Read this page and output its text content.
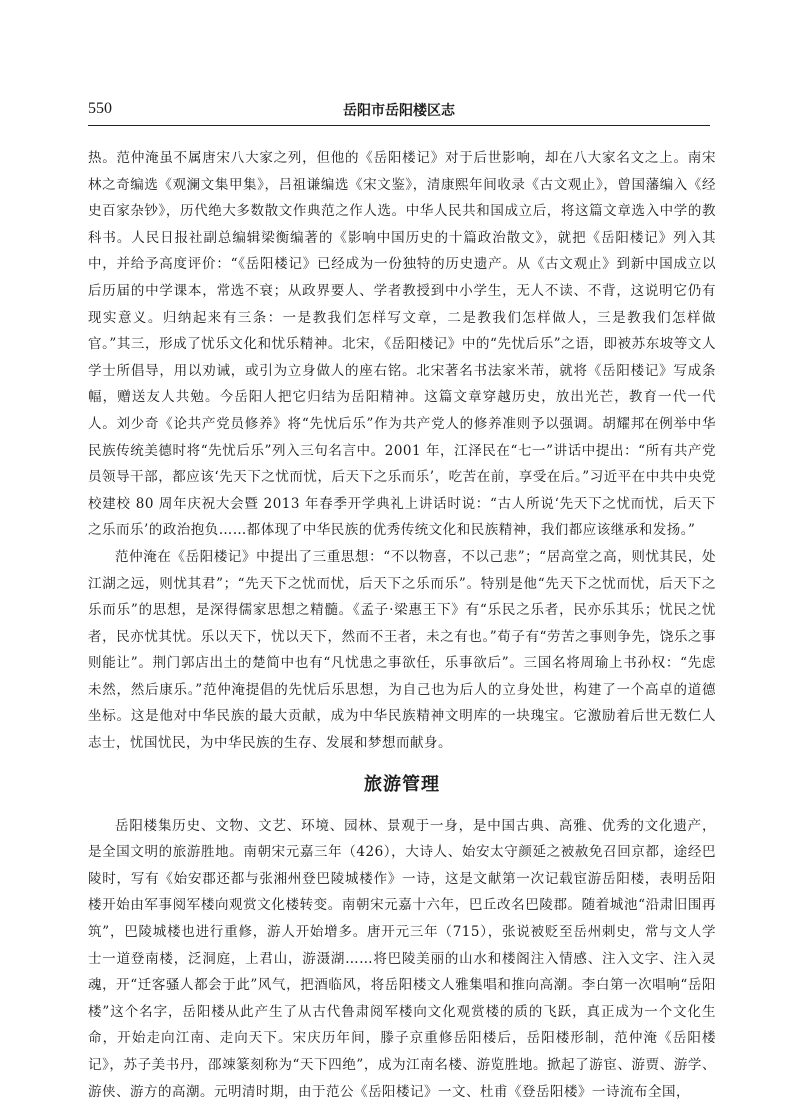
550	岳阳市岳阳楼区志

热。范仲淹虽不属唐宋八大家之列，但他的《岳阳楼记》对于后世影响，却在八大家名文之上。南宋林之奇编选《观澜文集甲集》，吕祖谦编选《宋文鉴》，清康熙年间收录《古文观止》，曾国藩编入《经史百家杂钞》，历代绝大多数散文作典范之作人选。中华人民共和国成立后，将这篇文章选入中学的教科书。人民日报社副总编辑梁衡编著的《影响中国历史的十篇政治散文》，就把《岳阳楼记》列入其中，并给予高度评价：“《岳阳楼记》已经成为一份独特的历史遗产。从《古文观止》到新中国成立以后历届的中学课本，常选不衰；从政界要人、学者教授到中小学生，无人不读、不背，这说明它仍有现实意义。归纳起来有三条：一是教我们怎样写文章，二是教我们怎样做人，三是教我们怎样做官。”其三，形成了忧乐文化和忧乐精神。北宋，《岳阳楼记》中的“先忧后乐”之语，即被苏东坡等文人学士所倡导，用以劝诫，或引为立身做人的座右铭。北宋著名书法家米芾，就将《岳阳楼记》写成条幅，赠送友人共勉。今岳阳人把它归结为岳阳精神。这篇文章穿越历史，放出光芒，教育一代一代人。刘少奇《论共产党员修养》将“先忧后乐”作为共产党人的修养准则予以强调。胡耀邦在例举中华民族传统美德时将“先忧后乐”列入三句名言中。2001 年，江泽民在“七一”讲话中提出：“所有共产党员领导干部，都应该‘先天下之忧而忧，后天下之乐而乐’，吃苦在前，享受在后。”习近平在中共中央党校建校 80 周年庆祝大会暨 2013 年春季开学典礼上讲话时说：“古人所说‘先天下之忧而忧，后天下之乐而乐’的政治抱负……都体现了中华民族的优秀传统文化和民族精神，我们都应该继承和发扬。”

范仲淹在《岳阳楼记》中提出了三重思想：“不以物喜，不以己悲”；“居高堂之高，则忧其民，处江湖之远，则忧其君”；“先天下之忧而忧，后天下之乐而乐”。特别是他“先天下之忧而忧，后天下之乐而乐”的思想，是深得儒家思想之精髓。《孟子·梁惠王下》有“乐民之乐者，民亦乐其乐；忧民之忧者，民亦忧其忧。乐以天下，忧以天下，然而不王者，未之有也。”荀子有“劳苦之事则争先，饶乐之事则能让”。荆门郭店出土的楚简中也有“凡忧患之事欲任，乐事欲后”。三国名将周瑜上书孙权：“先虑未然，然后康乐。”范仲淹提倡的先忧后乐思想，为自己也为后人的立身处世，构建了一个高卓的道德坐标。这是他对中华民族的最大贡献，成为中华民族精神文明库的一块瑰宝。它激励着后世无数仁人志士，忧国忧民，为中华民族的生存、发展和梦想而献身。

旅游管理

岳阳楼集历史、文物、文艺、环境、园林、景观于一身，是中国古典、高雅、优秀的文化遗产，是全国文明的旅游胜地。南朝宋元嘉三年（426），大诗人、始安太守颜延之被赦免召回京都，途经巴陵时，写有《始安郡还都与张湘州登巴陵城楼作》一诗，这是文献第一次记载宦游岳阳楼，表明岳阳楼开始由军事阅军楼向观赏文化楼转变。南朝宋元嘉十六年，巴丘改名巴陵郡。随着城池“沿肃旧围再筑”，巴陵城楼也进行重修，游人开始增多。唐开元三年（715），张说被贬至岳州刺史，常与文人学士一道登南楼，泛洞庭，上君山，游滠湖……将巴陵美丽的山水和楼阁注入情感、注入文字、注入灵魂，开“迁客骚人都会于此”风气，把酒临风，将岳阳楼文人雅集唱和推向高潮。李白第一次唱响“岳阳楼”这个名字，岳阳楼从此产生了从古代鲁肃阅军楼向文化观赏楼的质的飞跃，真正成为一个文化生命，开始走向江南、走向天下。宋庆历年间，滕子京重修岳阳楼后，岳阳楼形制，范仲淹《岳阳楼记》，苏子美书丹，邵竦篆刻称为“天下四绝”，成为江南名楼、游览胜地。掀起了游宦、游贾、游学、游侠、游方的高潮。元明清时期，由于范公《岳阳楼记》一文、杜甫《登岳阳楼》一诗流布全国，
